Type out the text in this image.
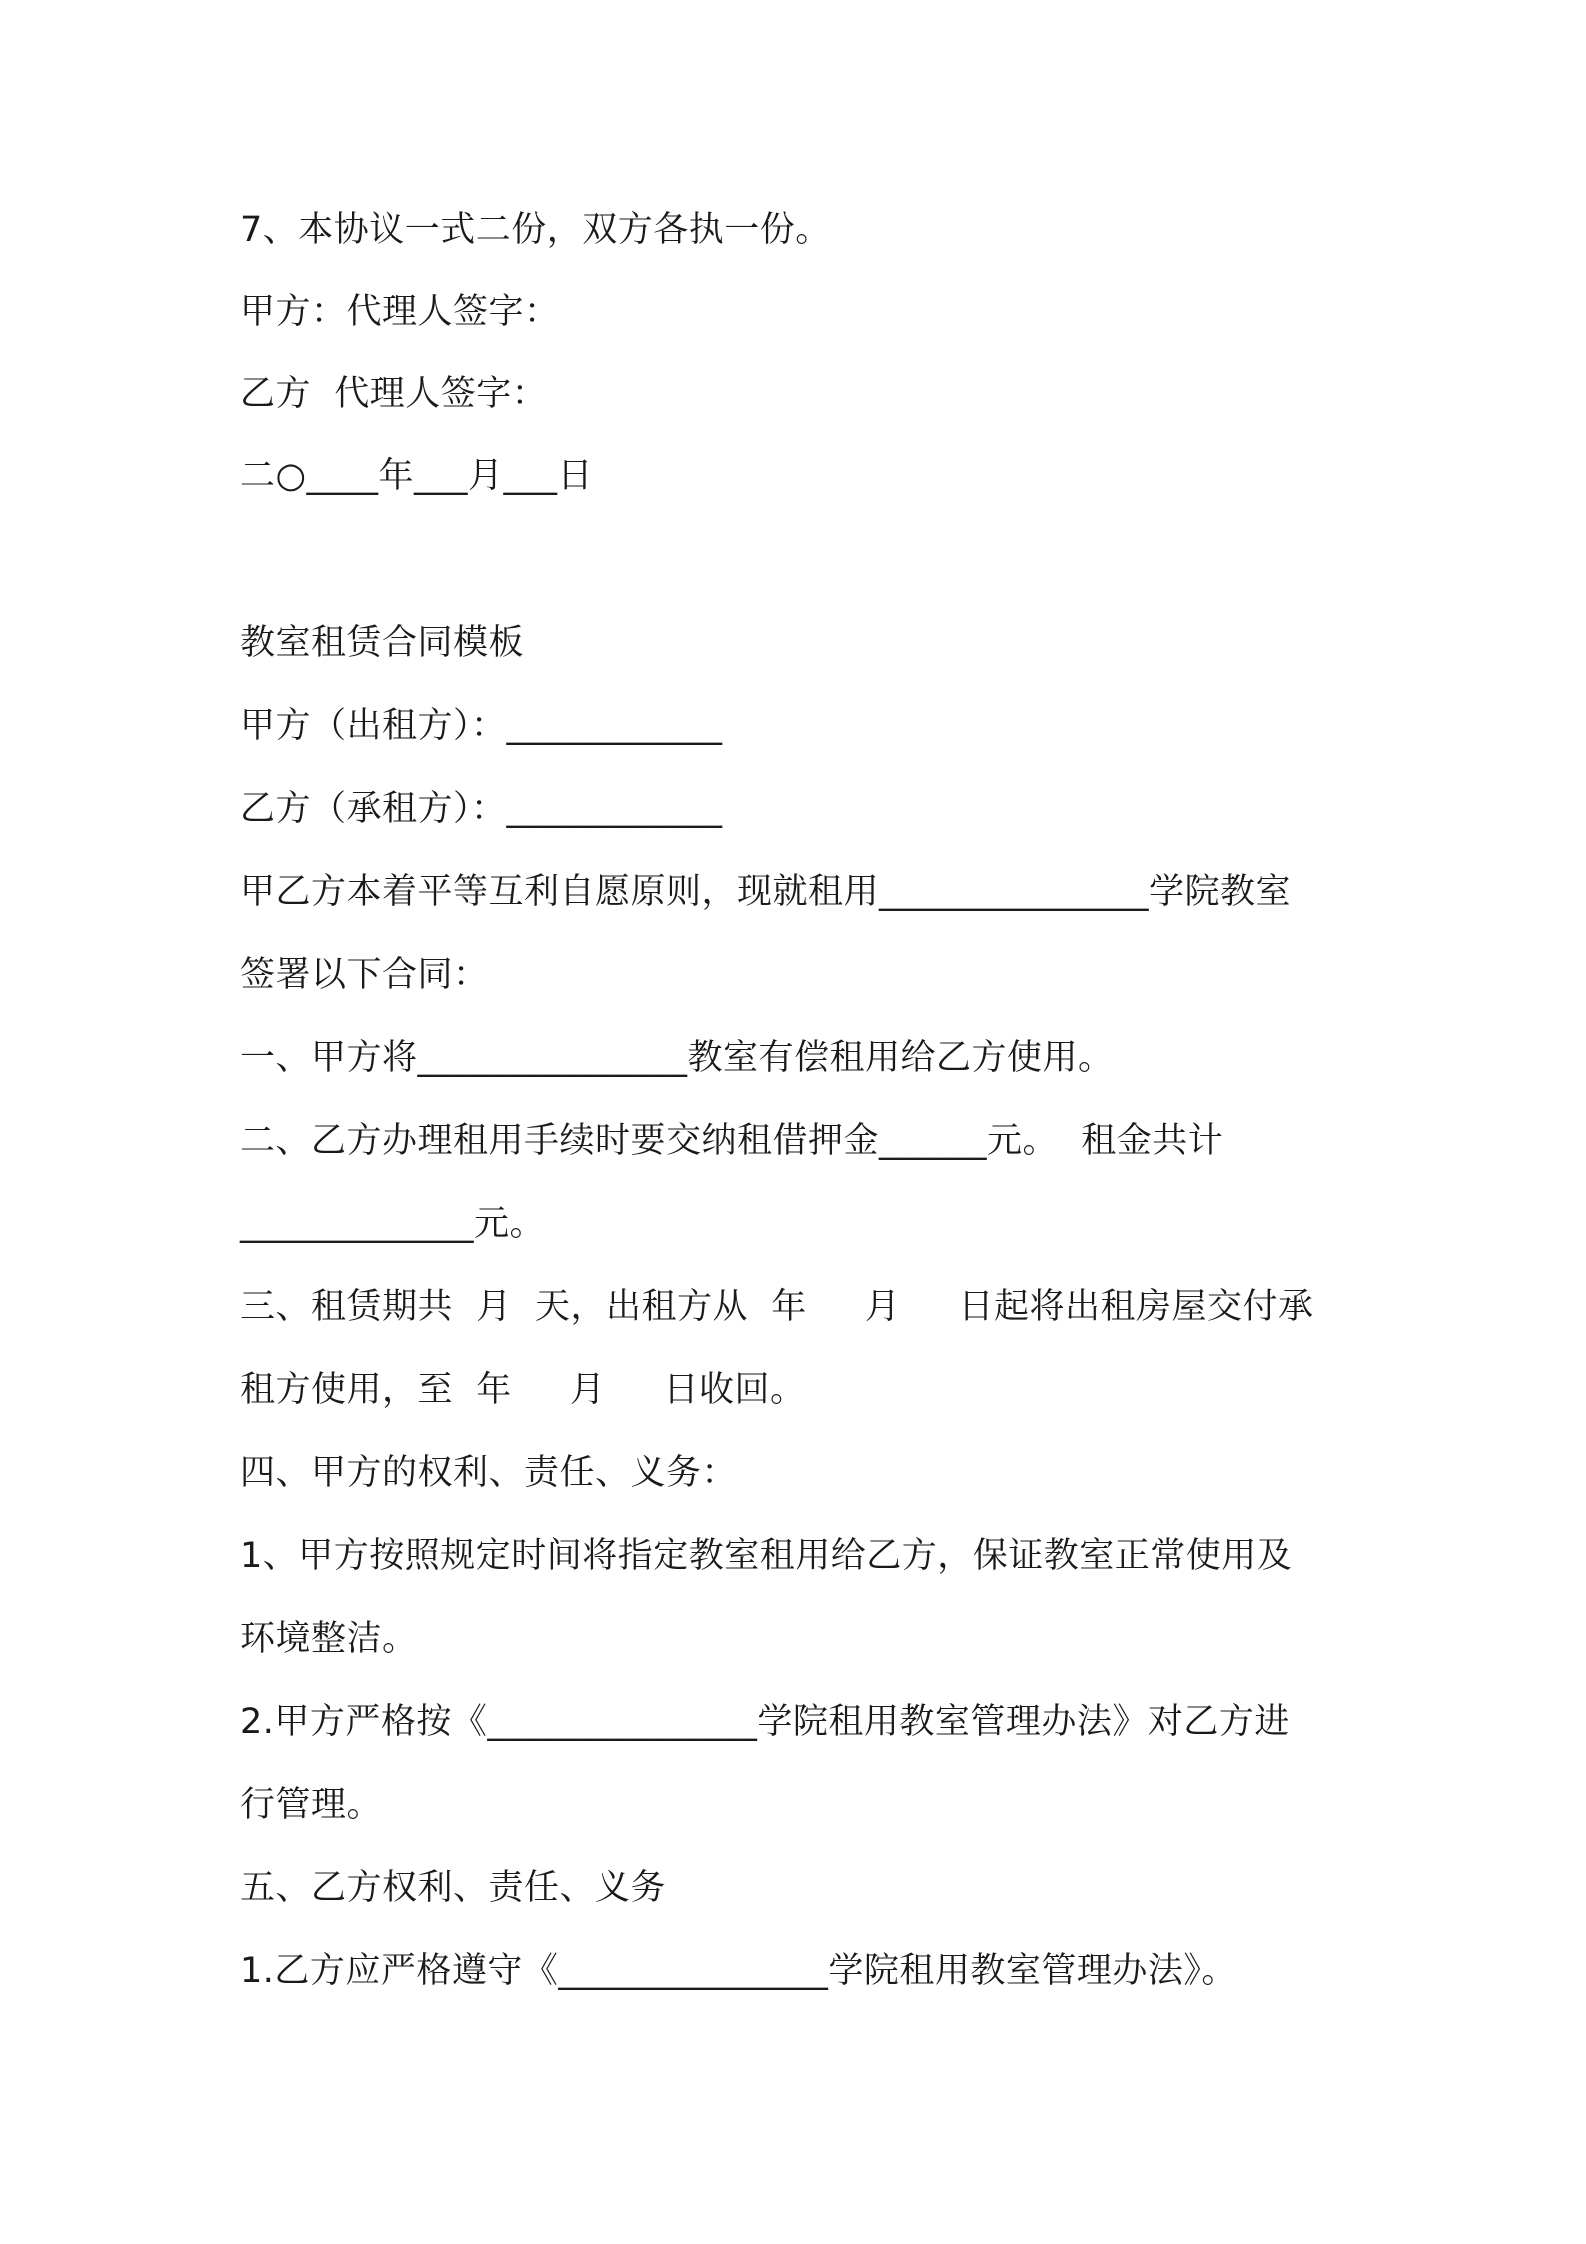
7、本协议一式二份，双方各执一份。

甲方：代理人签字：

乙方  代理人签字：

二○____年___月___日

教室租赁合同模板

甲方（出租方）：____________

乙方（承租方）：____________

甲乙方本着平等互利自愿原则，现就租用_______________学院教室

签署以下合同：

一、甲方将_______________教室有偿租用给乙方使用。

二、乙方办理租用手续时要交纳租借押金______元。  租金共计

_____________元。

三、租赁期共  月  天，出租方从  年     月     日起将出租房屋交付承

租方使用，至  年     月     日收回。

四、甲方的权利、责任、义务：

1、甲方按照规定时间将指定教室租用给乙方，保证教室正常使用及

环境整洁。

2.甲方严格按《_______________学院租用教室管理办法》对乙方进

行管理。

五、乙方权利、责任、义务

1.乙方应严格遵守《_______________学院租用教室管理办法》。
